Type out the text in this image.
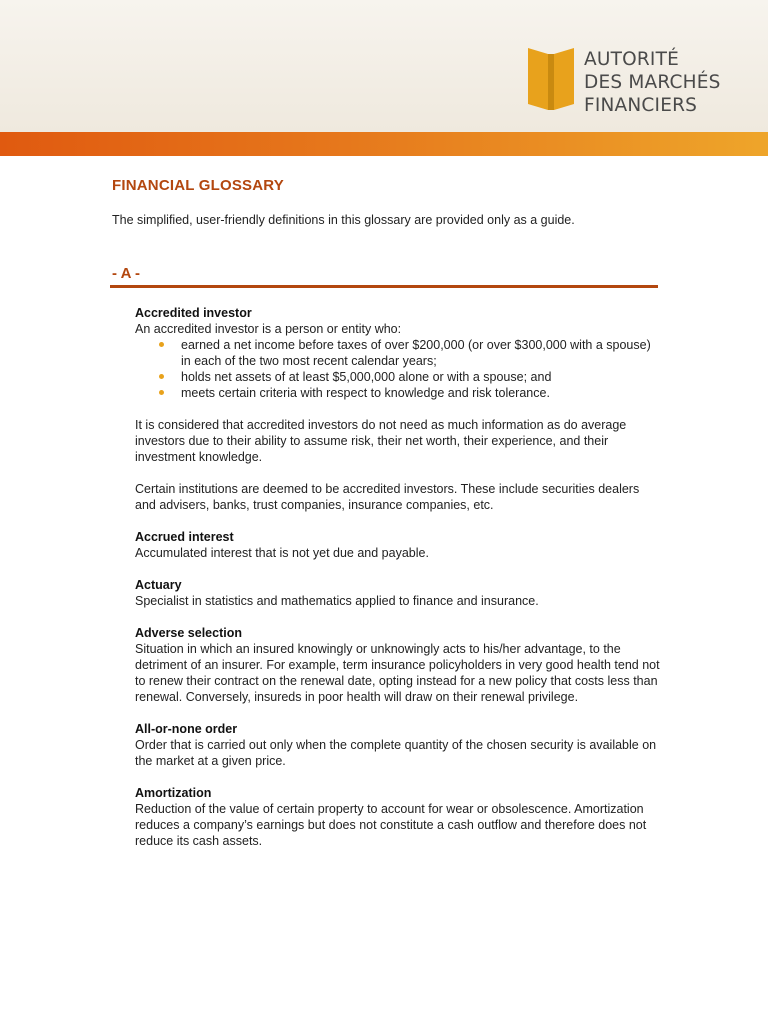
AUTORITÉ
DES MARCHÉS
FINANCIERS
FINANCIAL GLOSSARY
The simplified, user-friendly definitions in this glossary are provided only as a guide.
- A -

Accredited investor

An accredited investor is a person or entity who:

earned a net income before taxes of over $200,000 (or over $300,000 with a spouse) in each of the two most recent calendar years;
holds net assets of at least $5,000,000 alone or with a spouse; and
meets certain criteria with respect to knowledge and risk tolerance.

It is considered that accredited investors do not need as much information as do average investors due to their ability to assume risk, their net worth, their experience, and their investment knowledge.

Certain institutions are deemed to be accredited investors. These include securities dealers and advisers, banks, trust companies, insurance companies, etc.

Accrued interest

Accumulated interest that is not yet due and payable.

Actuary

Specialist in statistics and mathematics applied to finance and insurance.

Adverse selection

Situation in which an insured knowingly or unknowingly acts to his/her advantage, to the detriment of an insurer. For example, term insurance policyholders in very good health tend not to renew their contract on the renewal date, opting instead for a new policy that costs less than renewal. Conversely, insureds in poor health will draw on their renewal privilege.

All-or-none order

Order that is carried out only when the complete quantity of the chosen security is available on the market at a given price.

Amortization

Reduction of the value of certain property to account for wear or obsolescence. Amortization reduces a company’s earnings but does not constitute a cash outflow and therefore does not reduce its cash assets.
